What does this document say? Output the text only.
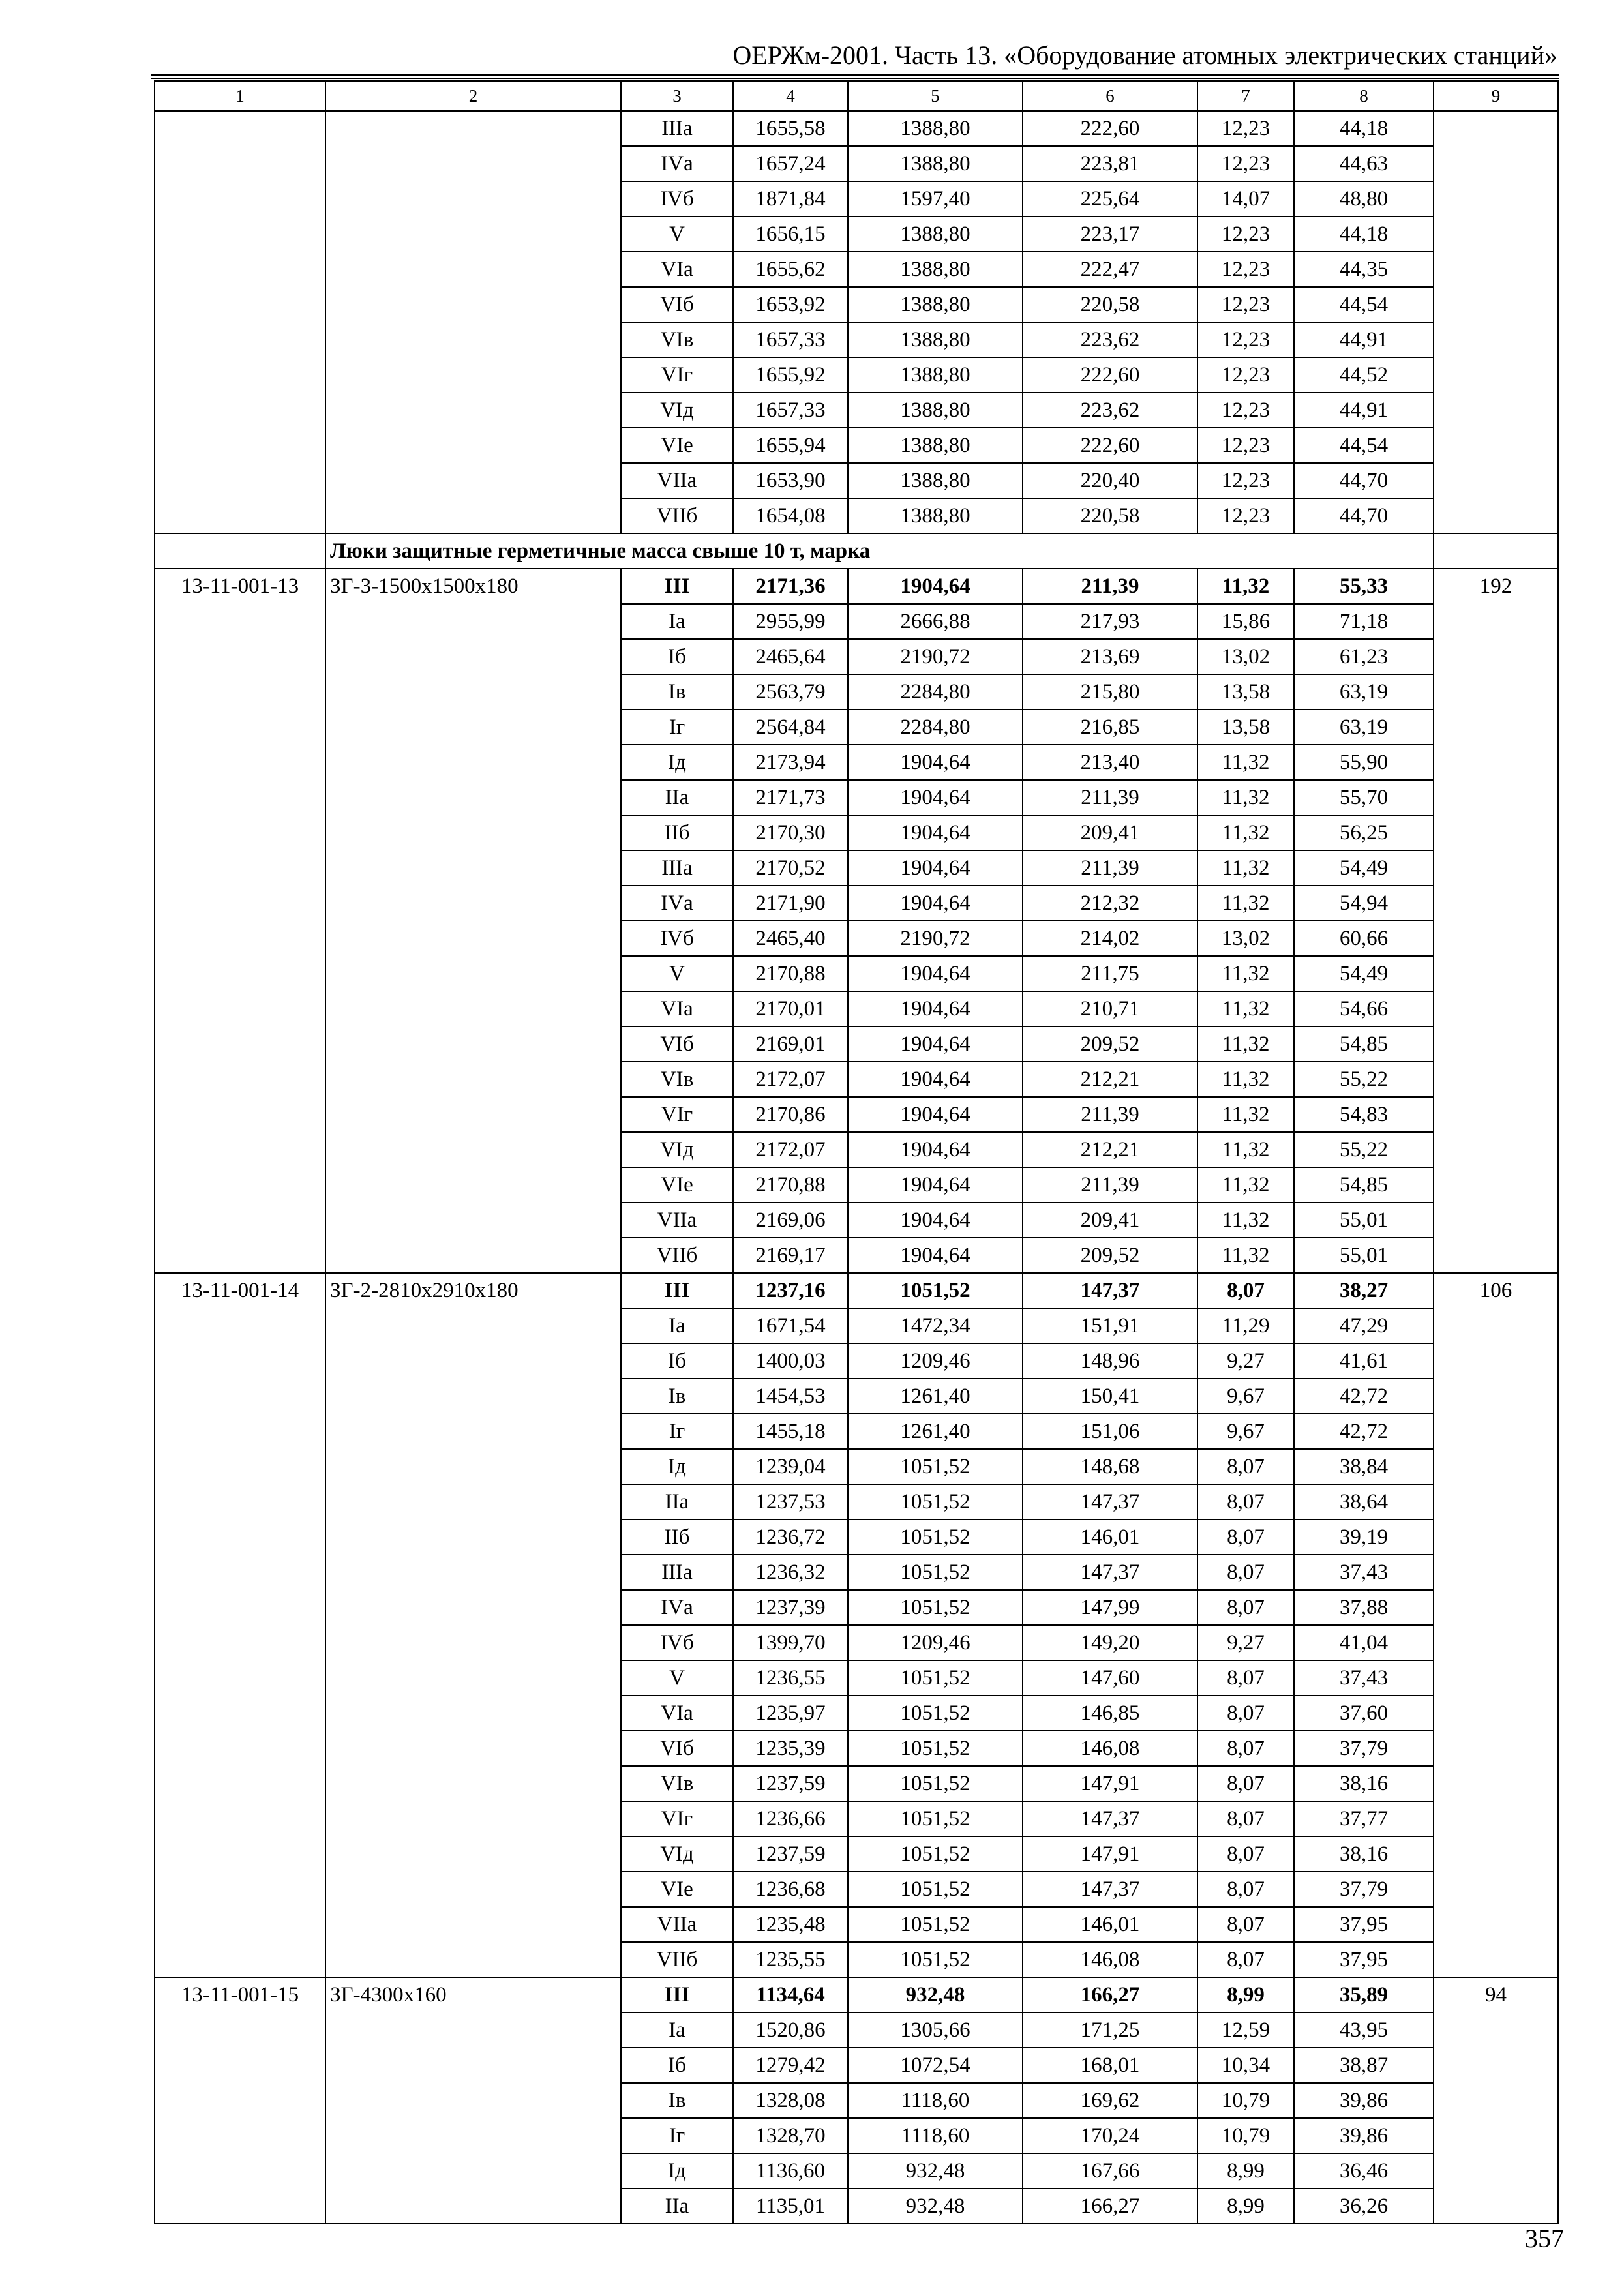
ОЕРЖм-2001. Часть 13. «Оборудование атомных электрических станций»
1	2	3	4	5	6	7	8	9
		IIIа	1655,58	1388,80	222,60	12,23	44,18	
		IVа	1657,24	1388,80	223,81	12,23	44,63	
		IVб	1871,84	1597,40	225,64	14,07	48,80	
		V	1656,15	1388,80	223,17	12,23	44,18	
		VIа	1655,62	1388,80	222,47	12,23	44,35	
		VIб	1653,92	1388,80	220,58	12,23	44,54	
		VIв	1657,33	1388,80	223,62	12,23	44,91	
		VIг	1655,92	1388,80	222,60	12,23	44,52	
		VIд	1657,33	1388,80	223,62	12,23	44,91	
		VIе	1655,94	1388,80	222,60	12,23	44,54	
		VIIа	1653,90	1388,80	220,40	12,23	44,70	
		VIIб	1654,08	1388,80	220,58	12,23	44,70	
	Люки защитные герметичные масса свыше 10 т, марка							
13-11-001-13	ЗГ-3-1500x1500x180	III	2171,36	1904,64	211,39	11,32	55,33	192
		Iа	2955,99	2666,88	217,93	15,86	71,18	
		Iб	2465,64	2190,72	213,69	13,02	61,23	
		Iв	2563,79	2284,80	215,80	13,58	63,19	
		Iг	2564,84	2284,80	216,85	13,58	63,19	
		Iд	2173,94	1904,64	213,40	11,32	55,90	
		IIа	2171,73	1904,64	211,39	11,32	55,70	
		IIб	2170,30	1904,64	209,41	11,32	56,25	
		IIIа	2170,52	1904,64	211,39	11,32	54,49	
		IVа	2171,90	1904,64	212,32	11,32	54,94	
		IVб	2465,40	2190,72	214,02	13,02	60,66	
		V	2170,88	1904,64	211,75	11,32	54,49	
		VIа	2170,01	1904,64	210,71	11,32	54,66	
		VIб	2169,01	1904,64	209,52	11,32	54,85	
		VIв	2172,07	1904,64	212,21	11,32	55,22	
		VIг	2170,86	1904,64	211,39	11,32	54,83	
		VIд	2172,07	1904,64	212,21	11,32	55,22	
		VIе	2170,88	1904,64	211,39	11,32	54,85	
		VIIа	2169,06	1904,64	209,41	11,32	55,01	
		VIIб	2169,17	1904,64	209,52	11,32	55,01	
13-11-001-14	ЗГ-2-2810x2910x180	III	1237,16	1051,52	147,37	8,07	38,27	106
		Iа	1671,54	1472,34	151,91	11,29	47,29	
		Iб	1400,03	1209,46	148,96	9,27	41,61	
		Iв	1454,53	1261,40	150,41	9,67	42,72	
		Iг	1455,18	1261,40	151,06	9,67	42,72	
		Iд	1239,04	1051,52	148,68	8,07	38,84	
		IIа	1237,53	1051,52	147,37	8,07	38,64	
		IIб	1236,72	1051,52	146,01	8,07	39,19	
		IIIа	1236,32	1051,52	147,37	8,07	37,43	
		IVа	1237,39	1051,52	147,99	8,07	37,88	
		IVб	1399,70	1209,46	149,20	9,27	41,04	
		V	1236,55	1051,52	147,60	8,07	37,43	
		VIа	1235,97	1051,52	146,85	8,07	37,60	
		VIб	1235,39	1051,52	146,08	8,07	37,79	
		VIв	1237,59	1051,52	147,91	8,07	38,16	
		VIг	1236,66	1051,52	147,37	8,07	37,77	
		VIд	1237,59	1051,52	147,91	8,07	38,16	
		VIе	1236,68	1051,52	147,37	8,07	37,79	
		VIIа	1235,48	1051,52	146,01	8,07	37,95	
		VIIб	1235,55	1051,52	146,08	8,07	37,95	
13-11-001-15	ЗГ-4300x160	III	1134,64	932,48	166,27	8,99	35,89	94
		Iа	1520,86	1305,66	171,25	12,59	43,95	
		Iб	1279,42	1072,54	168,01	10,34	38,87	
		Iв	1328,08	1118,60	169,62	10,79	39,86	
		Iг	1328,70	1118,60	170,24	10,79	39,86	
		Iд	1136,60	932,48	167,66	8,99	36,46	
		IIа	1135,01	932,48	166,27	8,99	36,26	
357
